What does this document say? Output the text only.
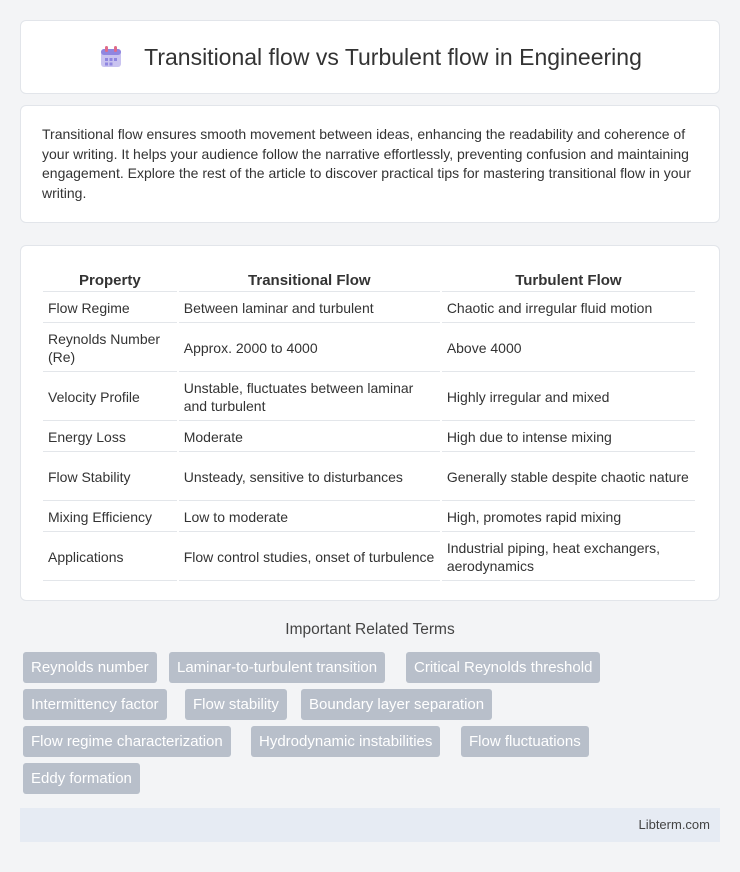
Transitional flow vs Turbulent flow in Engineering

Transitional flow ensures smooth movement between ideas, enhancing the readability and coherence of your writing. It helps your audience follow the narrative effortlessly, preventing confusion and maintaining engagement. Explore the rest of the article to discover practical tips for mastering transitional flow in your writing.

Property	Transitional Flow	Turbulent Flow
Flow Regime	Between laminar and turbulent	Chaotic and irregular fluid motion
Reynolds Number (Re)	Approx. 2000 to 4000	Above 4000
Velocity Profile	Unstable, fluctuates between laminar and turbulent	Highly irregular and mixed
Energy Loss	Moderate	High due to intense mixing
Flow Stability	Unsteady, sensitive to disturbances	Generally stable despite chaotic nature
Mixing Efficiency	Low to moderate	High, promotes rapid mixing
Applications	Flow control studies, onset of turbulence	Industrial piping, heat exchangers, aerodynamics
Important Related Terms
Reynolds number	Laminar-to-turbulent transition	Critical Reynolds threshold
Intermittency factor	Flow stability	Boundary layer separation
Flow regime characterization	Hydrodynamic instabilities	Flow fluctuations
Eddy formation
Libterm.com
